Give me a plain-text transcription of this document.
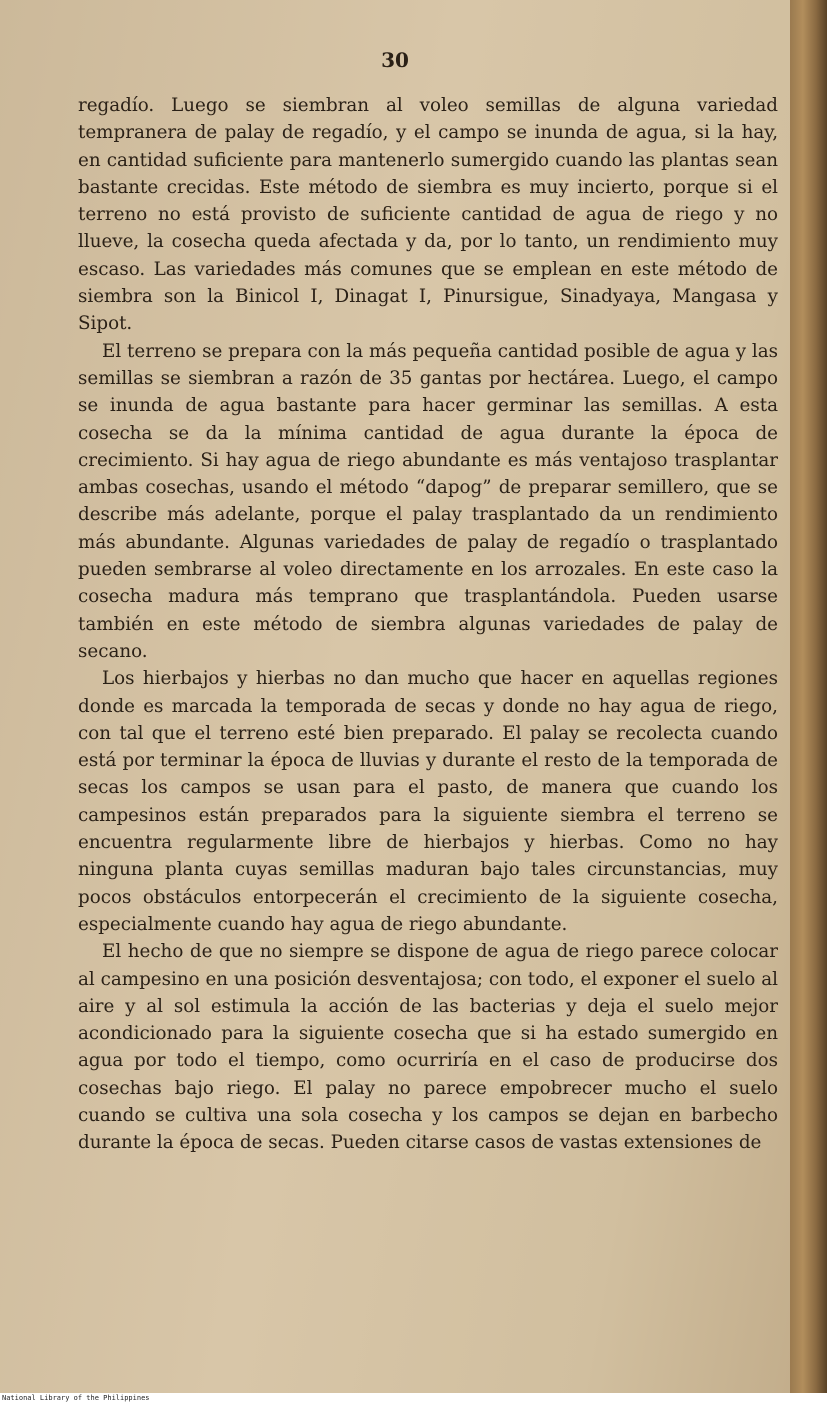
30

regadío. Luego se siembran al voleo semillas de alguna variedad tempranera de palay de regadío, y el campo se inunda de agua, si la hay, en cantidad suficiente para mantenerlo sumergido cuando las plantas sean bastante crecidas. Este método de siembra es muy incierto, porque si el terreno no está provisto de suficiente cantidad de agua de riego y no llueve, la cosecha queda afectada y da, por lo tanto, un rendimiento muy escaso. Las variedades más comunes que se emplean en este método de siembra son la Binicol I, Dinagat I, Pinursigue, Sinadyaya, Mangasa y Sipot.

El terreno se prepara con la más pequeña cantidad posible de agua y las semillas se siembran a razón de 35 gantas por hectárea. Luego, el campo se inunda de agua bastante para hacer germinar las semillas. A esta cosecha se da la mínima cantidad de agua durante la época de crecimiento. Si hay agua de riego abundante es más ventajoso trasplantar ambas cosechas, usando el método “dapog” de preparar semillero, que se describe más adelante, porque el palay trasplantado da un rendimiento más abundante. Algunas variedades de palay de regadío o trasplantado pueden sembrarse al voleo directamente en los arrozales. En este caso la cosecha madura más temprano que trasplantándola. Pueden usarse también en este método de siembra algunas variedades de palay de secano.

Los hierbajos y hierbas no dan mucho que hacer en aquellas regiones donde es marcada la temporada de secas y donde no hay agua de riego, con tal que el terreno esté bien preparado. El palay se recolecta cuando está por terminar la época de lluvias y durante el resto de la temporada de secas los campos se usan para el pasto, de manera que cuando los campesinos están preparados para la siguiente siembra el terreno se encuentra regularmente libre de hierbajos y hierbas. Como no hay ninguna planta cuyas semillas maduran bajo tales circunstancias, muy pocos obstáculos entorpecerán el crecimiento de la siguiente cosecha, especialmente cuando hay agua de riego abundante.

El hecho de que no siempre se dispone de agua de riego parece colocar al campesino en una posición desventajosa; con todo, el exponer el suelo al aire y al sol estimula la acción de las bacterias y deja el suelo mejor acondicionado para la siguiente cosecha que si ha estado sumergido en agua por todo el tiempo, como ocurriría en el caso de producirse dos cosechas bajo riego. El palay no parece empobrecer mucho el suelo cuando se cultiva una sola cosecha y los campos se dejan en barbecho durante la época de secas. Pueden citarse casos de vastas extensiones de

National Library of the Philippines
